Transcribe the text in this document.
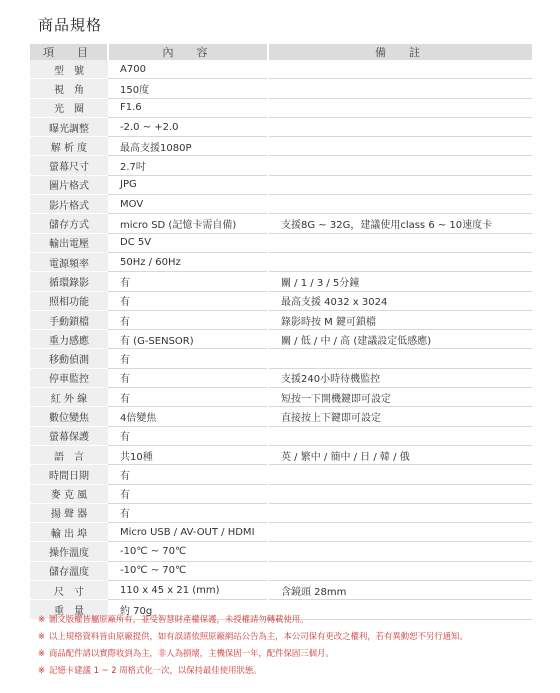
商品規格
項　目	內　容	備　註
型　號	A700	
視　角	150度	
光　圈	F1.6	
曝光調整	-2.0 ~ +2.0	
解 析 度	最高支援1080P	
螢幕尺寸	2.7吋	
圖片格式	JPG	
影片格式	MOV	
儲存方式	micro SD (記憶卡需自備)	支援8G ~ 32G，建議使用class 6 ~ 10速度卡
輸出電壓	DC 5V	
電源頻率	50Hz / 60Hz	
循環錄影	有	關 / 1 / 3 / 5分鐘
照相功能	有	最高支援 4032 x 3024
手動鎖檔	有	錄影時按 M 鍵可鎖檔
重力感應	有 (G-SENSOR)	關 / 低 / 中 / 高 (建議設定低感應)
移動偵測	有	
停車監控	有	支援240小時待機監控
紅 外 線	有	短按一下開機鍵即可設定
數位變焦	4倍變焦	直接按上下鍵即可設定
螢幕保護	有	
語　言	共10種	英 / 繁中 / 簡中 / 日 / 韓 / 俄
時間日期	有	
麥 克 風	有	
揚 聲 器	有	
輸 出 埠	Micro USB / AV-OUT / HDMI	
操作溫度	-10℃ ~ 70℃	
儲存溫度	-10℃ ~ 70℃	
尺　寸	110 x 45 x 21 (mm)	含鏡頭 28mm
重　量	約 70g	
※ 圖文版權皆屬原廠所有，並受智慧財產權保護，未授權請勿轉載使用。
※ 以上規格資料皆由原廠提供，如有誤請依照原廠網站公告為主，本公司保有更改之權利，若有異動恕不另行通知。
※ 商品配件請以實際收到為主，非人為損壞，主機保固一年，配件保固三個月。
※ 記憶卡建議 1 ~ 2 周格式化一次，以保持最佳使用狀態。
